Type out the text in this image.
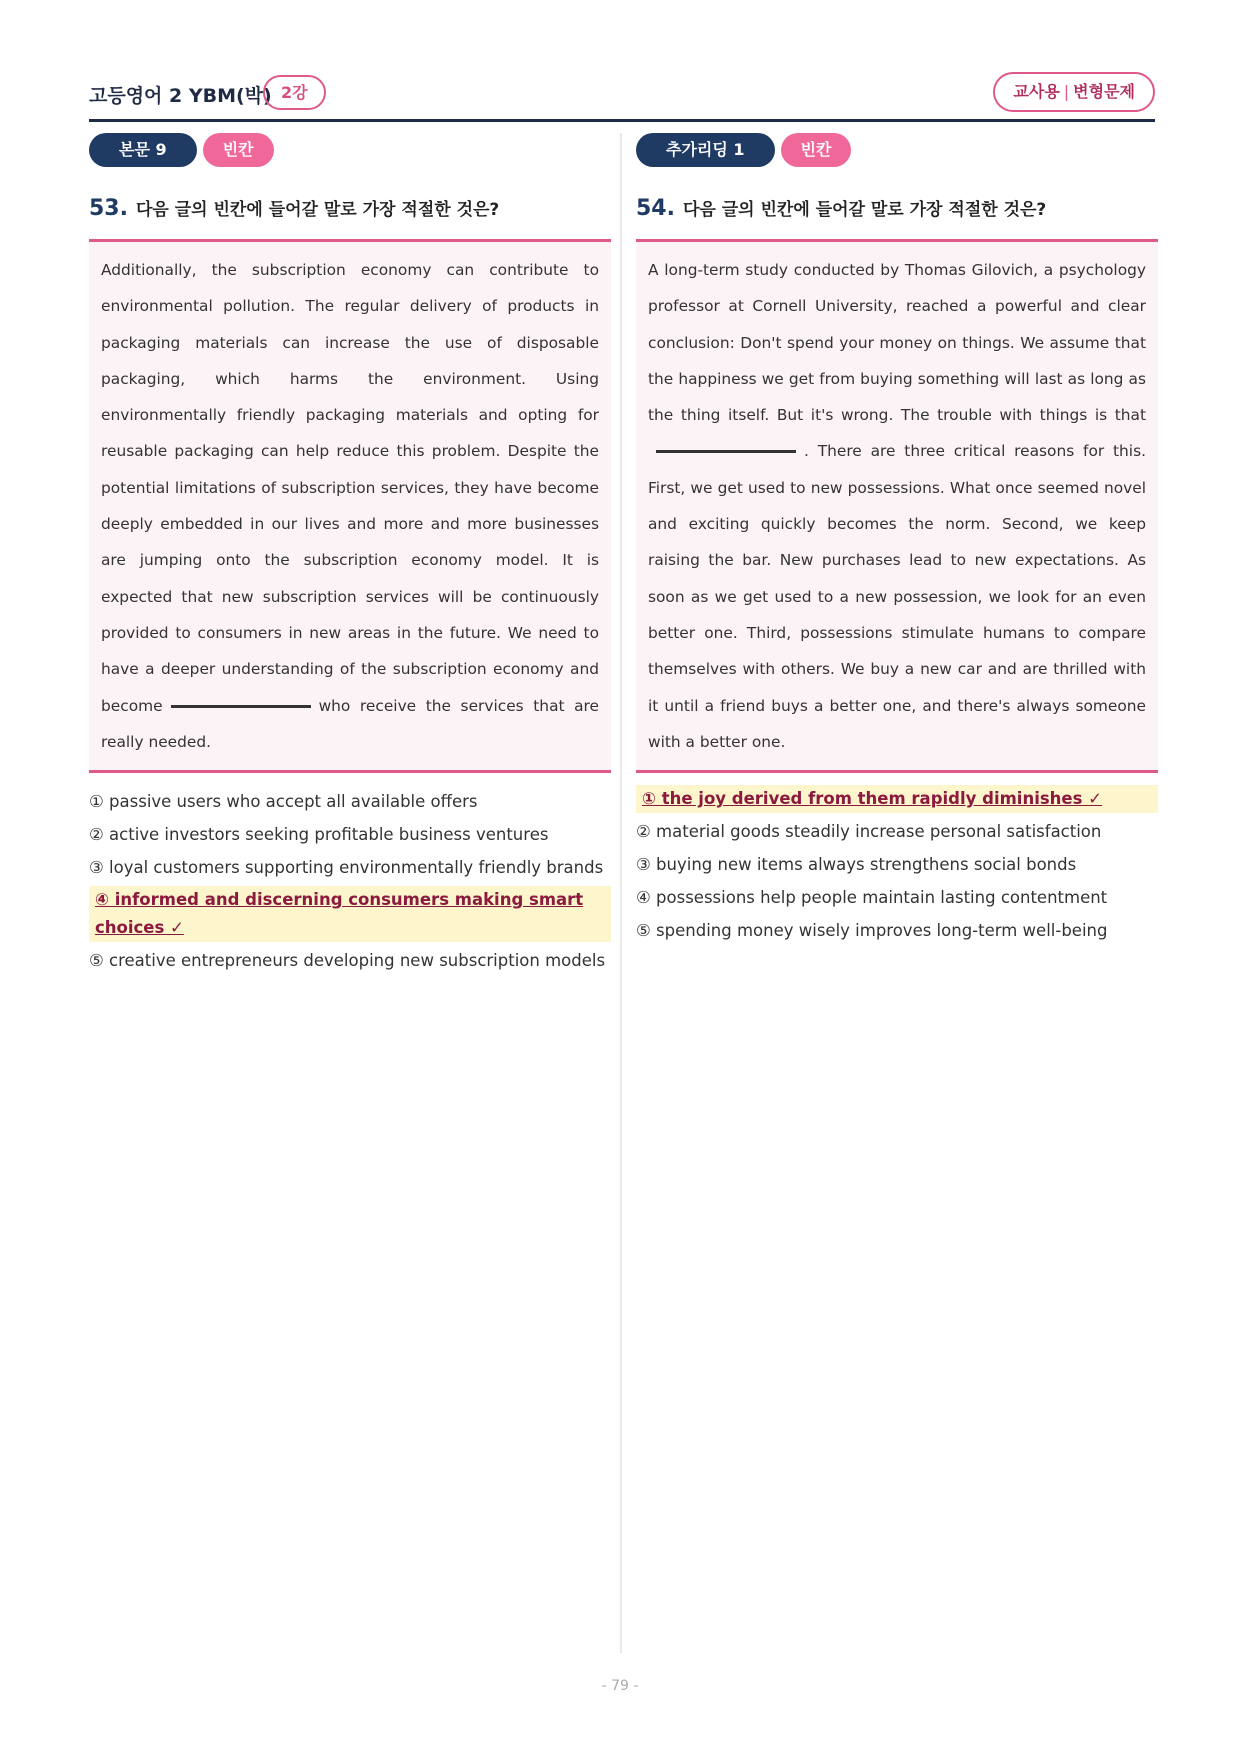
고등영어 2 YBM(박) 2강	교사용 | 변형문제
본문 9	빈칸
53. 다음 글의 빈칸에 들어갈 말로 가장 적절한 것은?

Additionally, the subscription economy can contribute to environmental pollution. The regular delivery of products in packaging materials can increase the use of disposable packaging, which harms the environment. Using environmentally friendly packaging materials and opting for reusable packaging can help reduce this problem. Despite the potential limitations of subscription services, they have become deeply embedded in our lives and more and more businesses are jumping onto the subscription economy model. It is expected that new subscription services will be continuously provided to consumers in new areas in the future. We need to have a deeper understanding of the subscription economy and become	who receive the services that are really needed.

① passive users who accept all available offers
② active investors seeking profitable business ventures
③ loyal customers supporting environmentally friendly brands
④ informed and discerning consumers making smart choices ✓
⑤ creative entrepreneurs developing new subscription models
추가리딩 1	빈칸
54. 다음 글의 빈칸에 들어갈 말로 가장 적절한 것은?

A long-term study conducted by Thomas Gilovich, a psychology professor at Cornell University, reached a powerful and clear conclusion: Don't spend your money on things. We assume that the happiness we get from buying something will last as long as the thing itself. But it's wrong. The trouble with things is that. There are three critical reasons for this. First, we get used to new possessions. What once seemed novel and exciting quickly becomes the norm. Second, we keep raising the bar. New purchases lead to new expectations. As soon as we get used to a new possession, we look for an even better one. Third, possessions stimulate humans to compare themselves with others. We buy a new car and are thrilled with it until a friend buys a better one, and there's always someone with a better one.

① the joy derived from them rapidly diminishes ✓
② material goods steadily increase personal satisfaction
③ buying new items always strengthens social bonds
④ possessions help people maintain lasting contentment
⑤ spending money wisely improves long-term well-being
- 79 -
